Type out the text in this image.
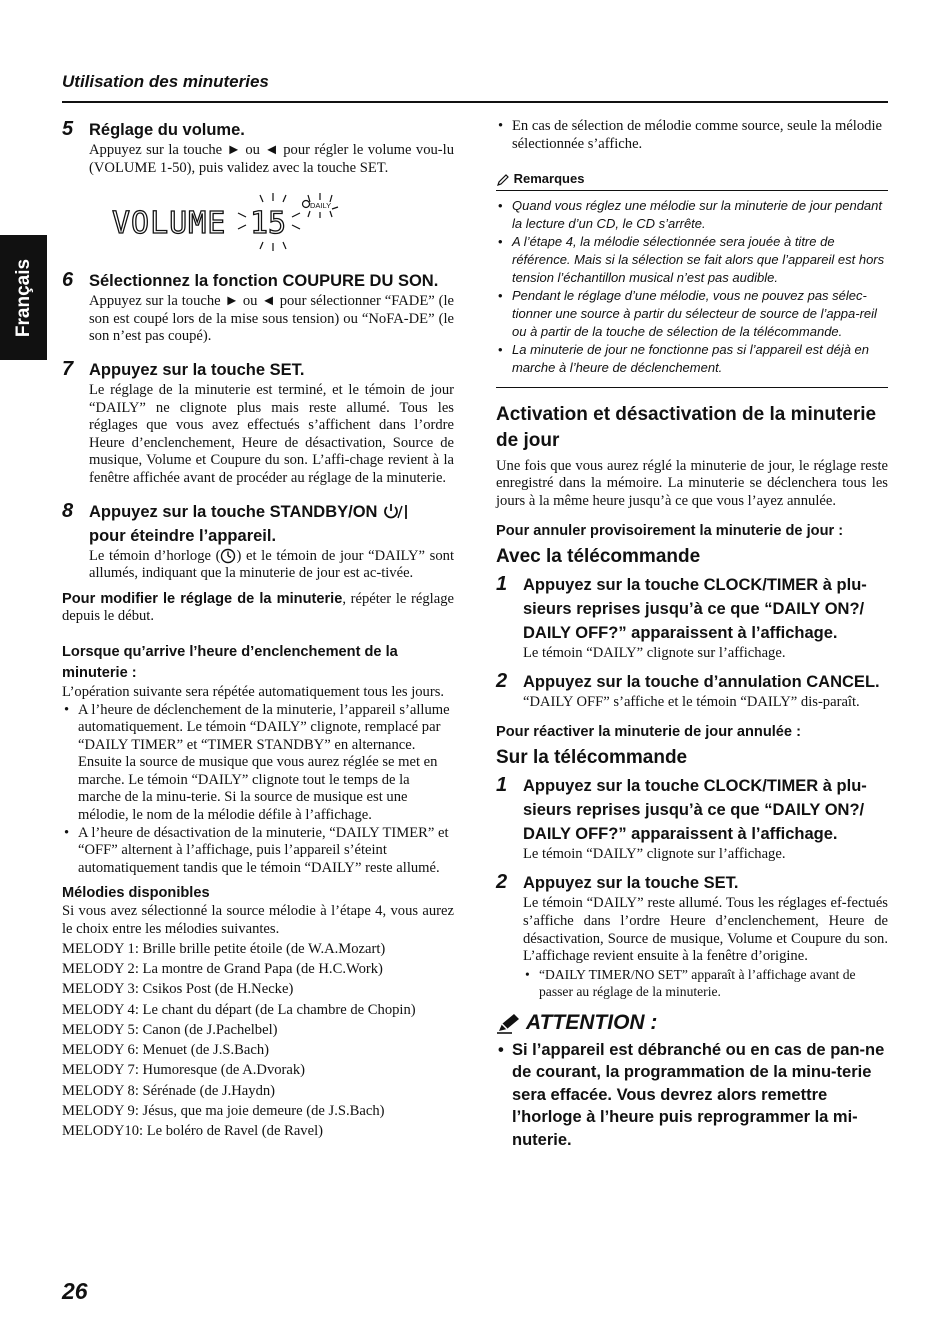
Utilisation des minuteries
Français
5 Réglage du volume.
Appuyez sur la touche ► ou ◄ pour régler le volume vou-lu (VOLUME 1-50), puis validez avec la touche SET.
DAILY
VOLUME 15
6 Sélectionnez la fonction COUPURE DU SON.
Appuyez sur la touche ► ou ◄ pour sélectionner “FADE” (le son est coupé lors de la mise sous tension) ou “NoFA-DE” (le son n’est pas coupé).
7 Appuyez sur la touche SET.
Le réglage de la minuterie est terminé, et le témoin de jour “DAILY” ne clignote plus mais reste allumé. Tous les réglages que vous avez effectués s’affichent dans l’ordre Heure d’enclenchement, Heure de désactivation, Source de musique, Volume et Coupure du son. L’affi-chage revient à la fenêtre affichée avant de procéder au réglage de la minuterie.
8 Appuyez sur la touche STANDBY/ON
pour éteindre l’appareil.
Le témoin d’horloge ( ) et le témoin de jour “DAILY” sont allumés, indiquant que la minuterie de jour est ac-tivée.
Pour modifier le réglage de la minuterie, répéter le réglage depuis le début.
Lorsque qu’arrive l’heure d’enclenchement de la minuterie :
L’opération suivante sera répétée automatiquement tous les jours.
• A l’heure de déclenchement de la minuterie, l’appareil s’allume automatiquement. Le témoin “DAILY” clignote, remplacé par “DAILY TIMER” et “TIMER STANDBY” en alternance. Ensuite la source de musique que vous aurez réglée se met en marche. Le témoin “DAILY” clignote tout le temps de la marche de la minu-terie. Si la source de musique est une mélodie, le nom de la mélodie défile à l’affichage.
• A l’heure de désactivation de la minuterie, “DAILY TIMER” et “OFF” alternent à l’affichage, puis l’appareil s’éteint automatiquement tandis que le témoin “DAILY” reste allumé.
Mélodies disponibles
Si vous avez sélectionné la source mélodie à l’étape 4, vous aurez le choix entre les mélodies suivantes.
MELODY 1: Brille brille petite étoile (de W.A.Mozart)
MELODY 2: La montre de Grand Papa (de H.C.Work)
MELODY 3: Csikos Post (de H.Necke)
MELODY 4: Le chant du départ (de La chambre de Chopin)
MELODY 5: Canon (de J.Pachelbel)
MELODY 6: Menuet (de J.S.Bach)
MELODY 7: Humoresque (de A.Dvorak)
MELODY 8: Sérénade (de J.Haydn)
MELODY 9: Jésus, que ma joie demeure (de J.S.Bach)
MELODY10: Le boléro de Ravel (de Ravel)
• En cas de sélection de mélodie comme source, seule la mélodie sélectionnée s’affiche.
Remarques
• Quand vous réglez une mélodie sur la minuterie de jour pendant la lecture d’un CD, le CD s’arrête.
• A l’étape 4, la mélodie sélectionnée sera jouée à titre de référence. Mais si la sélection se fait alors que l’appareil est hors tension l’échantillon musical n’est pas audible.
• Pendant le réglage d’une mélodie, vous ne pouvez pas sélec-tionner une source à partir du sélecteur de source de l’appa-reil ou à partir de la touche de sélection de la télécommande.
• La minuterie de jour ne fonctionne pas si l’appareil est déjà en marche à l’heure de déclenchement.
Activation et désactivation de la minuterie de jour
Une fois que vous aurez réglé la minuterie de jour, le réglage reste enregistré dans la mémoire. La minuterie se déclenchera tous les jours à la même heure jusqu’à ce que vous l’ayez annulée.
Pour annuler provisoirement la minuterie de jour :
Avec la télécommande
1 Appuyez sur la touche CLOCK/TIMER à plu-sieurs reprises jusqu’à ce que “DAILY ON?/ DAILY OFF?” apparaissent à l’affichage.
Le témoin “DAILY” clignote sur l’affichage.
2 Appuyez sur la touche d’annulation CANCEL.
“DAILY OFF” s’affiche et le témoin “DAILY” dis-paraît.
Pour réactiver la minuterie de jour annulée :
Sur la télécommande
1 Appuyez sur la touche CLOCK/TIMER à plu-sieurs reprises jusqu’à ce que “DAILY ON?/ DAILY OFF?” apparaissent à l’affichage.
Le témoin “DAILY” clignote sur l’affichage.
2 Appuyez sur la touche SET.
Le témoin “DAILY” reste allumé. Tous les réglages ef-fectués s’affiche dans l’ordre Heure d’enclenchement, Heure de désactivation, Source de musique, Volume et Coupure du son. L’affichage revient ensuite à la fenêtre d’origine.
• “DAILY TIMER/NO SET” apparaît à l’affichage avant de passer au réglage de la minuterie.
ATTENTION :
• Si l’appareil est débranché ou en cas de pan-ne de courant, la programmation de la minu-terie sera effacée. Vous devrez alors remettre l’horloge à l’heure puis reprogrammer la mi-nuterie.
26
